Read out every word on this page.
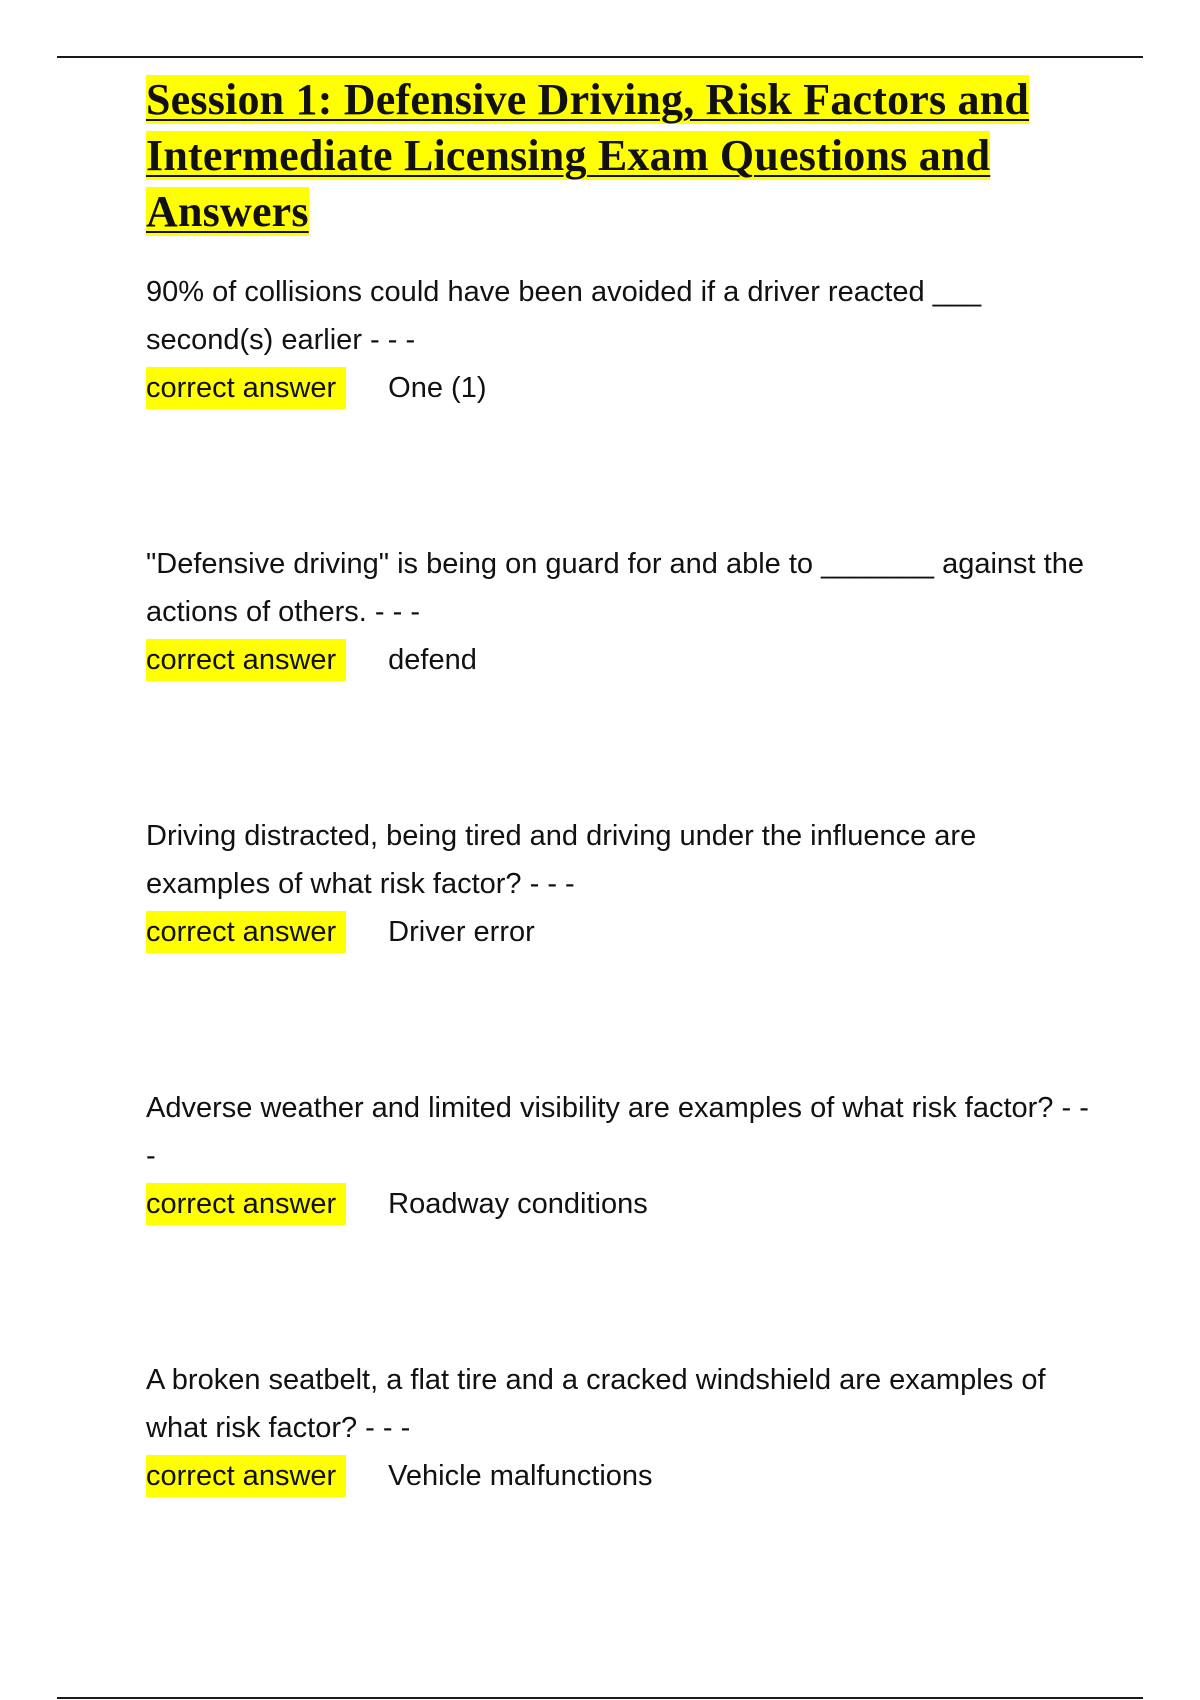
Session 1: Defensive Driving, Risk Factors and Intermediate Licensing Exam Questions and Answers

90% of collisions could have been avoided if a driver reacted ___ second(s) earlier - - -

correct answer	One (1)

"Defensive driving" is being on guard for and able to _______ against the actions of others. - - -

correct answer	defend

Driving distracted, being tired and driving under the influence are examples of what risk factor? - - -

correct answer	Driver error

Adverse weather and limited visibility are examples of what risk factor? - - -

correct answer	Roadway conditions

A broken seatbelt, a flat tire and a cracked windshield are examples of what risk factor? - - -

correct answer	Vehicle malfunctions
